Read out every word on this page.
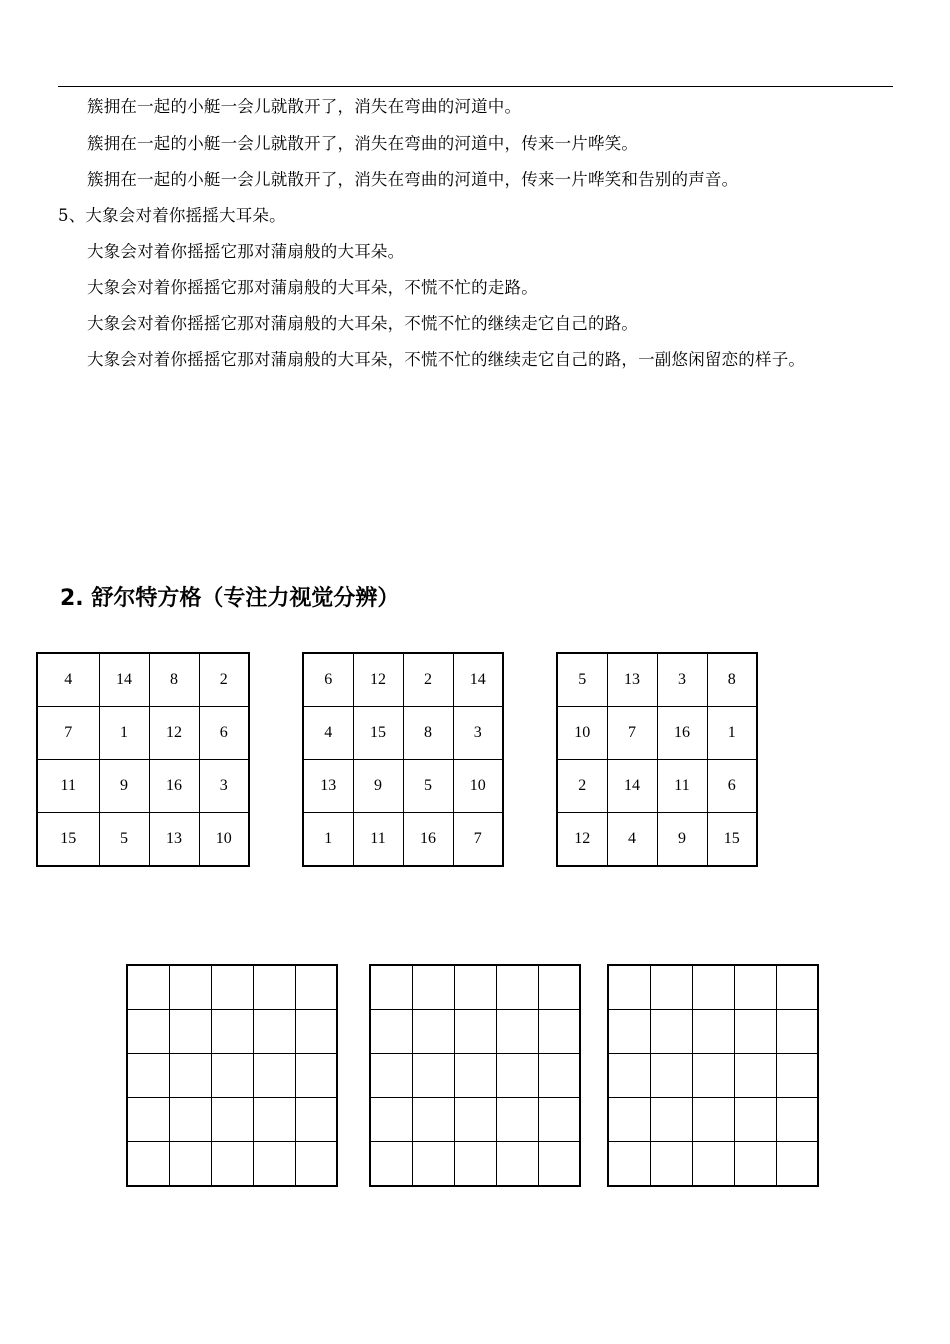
簇拥在一起的小艇一会儿就散开了，消失在弯曲的河道中。
簇拥在一起的小艇一会儿就散开了，消失在弯曲的河道中，传来一片哗笑。
簇拥在一起的小艇一会儿就散开了，消失在弯曲的河道中，传来一片哗笑和告别的声音。
5、大象会对着你摇摇大耳朵。
大象会对着你摇摇它那对蒲扇般的大耳朵。
大象会对着你摇摇它那对蒲扇般的大耳朵，不慌不忙的走路。
大象会对着你摇摇它那对蒲扇般的大耳朵，不慌不忙的继续走它自己的路。
大象会对着你摇摇它那对蒲扇般的大耳朵，不慌不忙的继续走它自己的路，一副悠闲留恋的样子。
2. 舒尔特方格（专注力视觉分辨）
4	14	8	2
7	1	12	6
11	9	16	3
15	5	13	10
6	12	2	14
4	15	8	3
13	9	5	10
1	11	16	7
5	13	3	8
10	7	16	1
2	14	11	6
12	4	9	15
